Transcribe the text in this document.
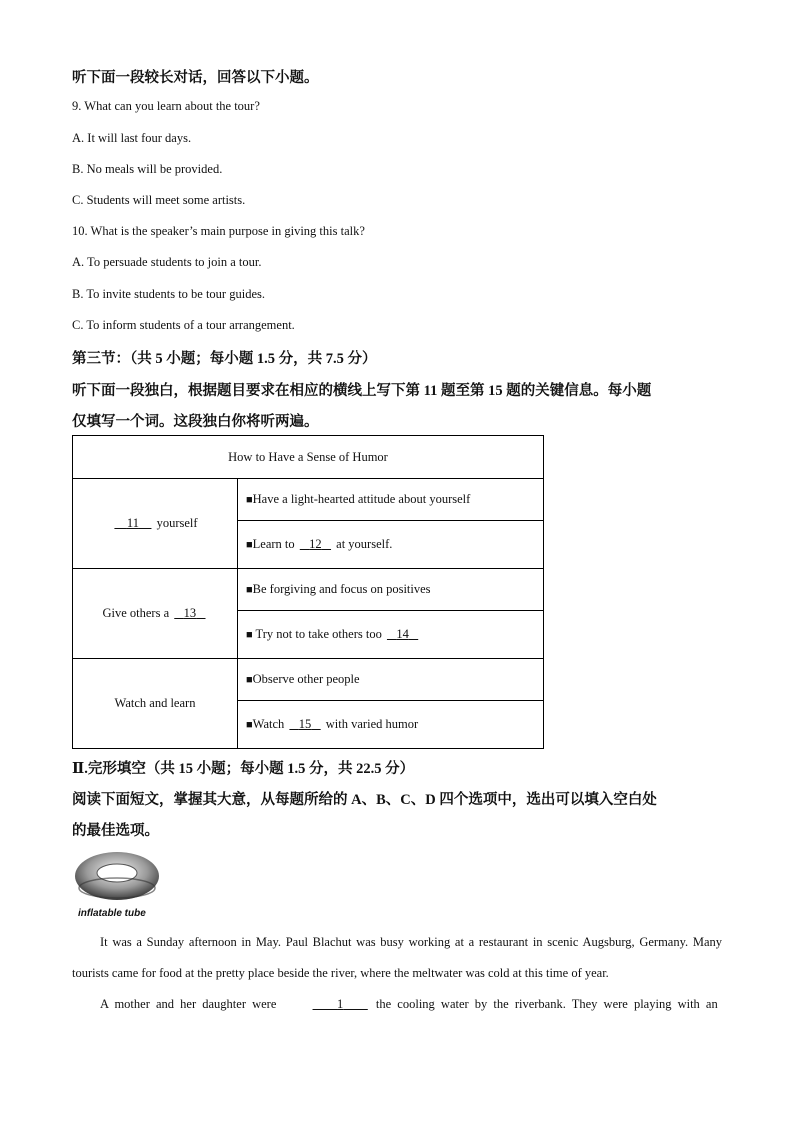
听下面一段较长对话，回答以下小题。
9. What can you learn about the tour?
A. It will last four days.
B. No meals will be provided.
C. Students will meet some artists.
10. What is the speaker’s main purpose in giving this talk?
A. To persuade students to join a tour.
B. To invite students to be tour guides.
C. To inform students of a tour arrangement.
第三节：（共 5 小题；每小题 1.5 分，共 7.5 分）
听下面一段独白，根据题目要求在相应的横线上写下第 11 题至第 15 题的关键信息。每小题
仅填写一个词。这段独白你将听两遍。
How to Have a Sense of Humor	
11     yourself	■Have a light-hearted attitude about yourself
	■Learn to    12    at yourself.
Give others a    13	■Be forgiving and focus on positives
	■ Try not to take others too    14
Watch and learn	■Observe other people
	■Watch    15    with varied humor
Ⅱ.完形填空（共 15 小题；每小题 1.5 分，共 22.5 分）
阅读下面短文，掌握其大意，从每题所给的 A、B、C、D 四个选项中，选出可以填入空白处
的最佳选项。
inflatable tube
It was a Sunday afternoon in May. Paul Blachut was busy working at a restaurant in scenic Augsburg, Germany. Many tourists came for food at the pretty place beside the river, where the meltwater was cold at this time of year.
A mother and her daughter were	1     the cooling water by the riverbank. They were playing with an
